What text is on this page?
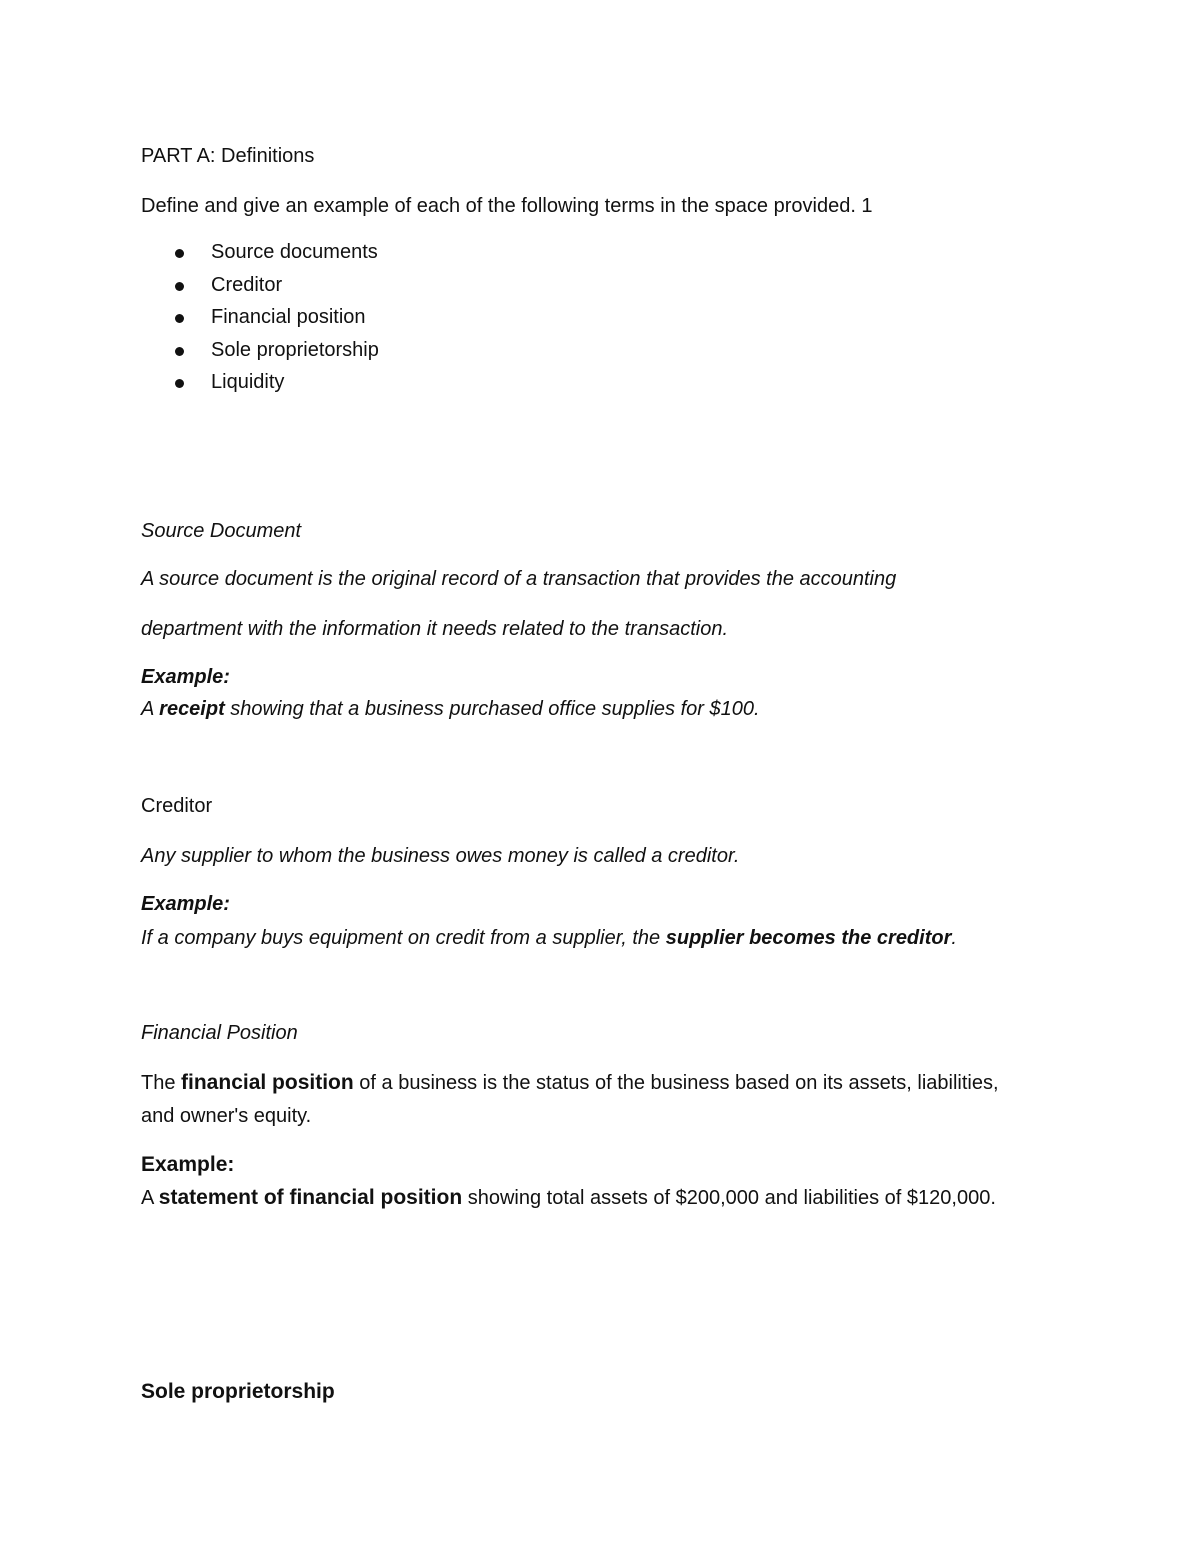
PART A: Definitions
Define and give an example of each of the following terms in the space provided. 1
Source documents
Creditor
Financial position
Sole proprietorship
Liquidity
Source Document
A source document is the original record of a transaction that provides the accounting
department with the information it needs related to the transaction.
Example:
A receipt showing that a business purchased office supplies for $100.
Creditor
Any supplier to whom the business owes money is called a creditor.
Example:
If a company buys equipment on credit from a supplier, the supplier becomes the creditor.
Financial Position
The financial position of a business is the status of the business based on its assets, liabilities,
and owner's equity.
Example:
A statement of financial position showing total assets of $200,000 and liabilities of $120,000.
Sole proprietorship
